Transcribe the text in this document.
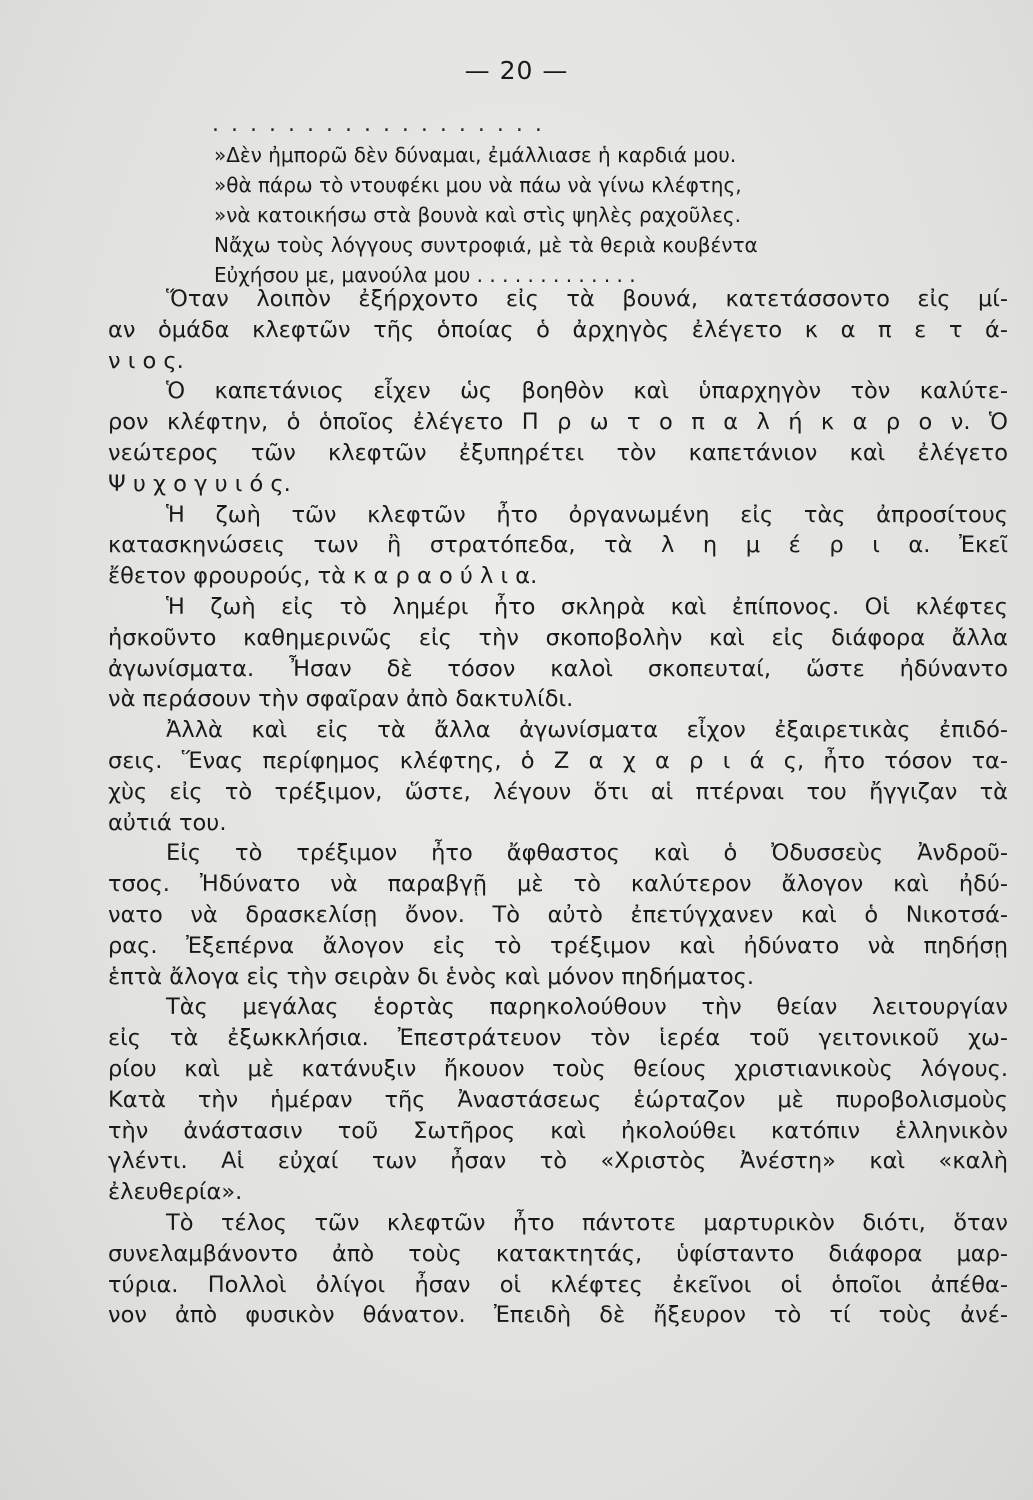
— 20 —
..................
»Δὲν ἠμπορῶ δὲν δύναμαι, ἐμάλλιασε ἡ καρδιά μου.
»θὰ πάρω τὸ ντουφέκι μου νὰ πάω νὰ γίνω κλέφτης,
»νὰ κατοικήσω στὰ βουνὰ καὶ στὶς ψηλὲς ραχοῦλες.
Νἄχω τοὺς λόγγους συντροφιά, μὲ τὰ θεριὰ κουβέντα
Εὐχήσου με, μανούλα μου . . . . . . . . . . . . .
Ὅταν λοιπὸν ἐξήρχοντο εἰς τὰ βουνά, κατετάσσοντο εἰς μί-
αν ὁμάδα κλεφτῶν τῆς ὁποίας ὁ ἀρχηγὸς ἐλέγετο κ α π ε τ ά-
ν ι ο ς.
Ὁ καπετάνιος εἶχεν ὡς βοηθὸν καὶ ὑπαρχηγὸν τὸν καλύτε-
ρον κλέφτην, ὁ ὁποῖος ἐλέγετο Π ρ ω τ ο π α λ ή κ α ρ ο ν. Ὁ
νεώτερος τῶν κλεφτῶν ἐξυπηρέτει τὸν καπετάνιον καὶ ἐλέγετο
Ψ υ χ ο γ υ ι ό ς.
Ἡ ζωὴ τῶν κλεφτῶν ἦτο ὀργανωμένη εἰς τὰς ἀπροσίτους
κατασκηνώσεις των ἢ στρατόπεδα, τὰ λ η μ έ ρ ι α. Ἐκεῖ
ἔθετον φρουρούς, τὰ κ α ρ α ο ύ λ ι α.
Ἡ ζωὴ εἰς τὸ λημέρι ἦτο σκληρὰ καὶ ἐπίπονος. Οἱ κλέφτες
ἠσκοῦντο καθημερινῶς εἰς τὴν σκοποβολὴν καὶ εἰς διάφορα ἄλλα
ἀγωνίσματα. Ἦσαν δὲ τόσον καλοὶ σκοπευταί, ὥστε ἠδύναντο
νὰ περάσουν τὴν σφαῖραν ἀπὸ δακτυλίδι.
Ἀλλὰ καὶ εἰς τὰ ἄλλα ἀγωνίσματα εἶχον ἐξαιρετικὰς ἐπιδό-
σεις. Ἕνας περίφημος κλέφτης, ὁ Ζ α χ α ρ ι ά ς, ἦτο τόσον τα-
χὺς εἰς τὸ τρέξιμον, ὥστε, λέγουν ὅτι αἱ πτέρναι του ἤγγιζαν τὰ
αὐτιά του.
Εἰς τὸ τρέξιμον ἦτο ἄφθαστος καὶ ὁ Ὀδυσσεὺς Ἀνδροῦ-
τσος. Ἠδύνατο νὰ παραβγῇ μὲ τὸ καλύτερον ἄλογον καὶ ἠδύ-
νατο νὰ δρασκελίσῃ ὄνον. Τὸ αὐτὸ ἐπετύγχανεν καὶ ὁ Νικοτσά-
ρας. Ἐξεπέρνα ἄλογον εἰς τὸ τρέξιμον καὶ ἠδύνατο νὰ πηδήσῃ
ἑπτὰ ἄλογα εἰς τὴν σειρὰν δι ἑνὸς καὶ μόνον πηδήματος.
Τὰς μεγάλας ἑορτὰς παρηκολούθουν τὴν θείαν λειτουργίαν
εἰς τὰ ἐξωκκλήσια. Ἐπεστράτευον τὸν ἱερέα τοῦ γειτονικοῦ χω-
ρίου καὶ μὲ κατάνυξιν ἤκουον τοὺς θείους χριστιανικοὺς λόγους.
Κατὰ τὴν ἡμέραν τῆς Ἀναστάσεως ἑώρταζον μὲ πυροβολισμοὺς
τὴν ἀνάστασιν τοῦ Σωτῆρος καὶ ἠκολούθει κατόπιν ἑλληνικὸν
γλέντι. Αἱ εὐχαί των ἦσαν τὸ «Χριστὸς Ἀνέστη» καὶ «καλὴ
ἐλευθερία».
Τὸ τέλος τῶν κλεφτῶν ἦτο πάντοτε μαρτυρικὸν διότι, ὅταν
συνελαμβάνοντο ἀπὸ τοὺς κατακτητάς, ὑφίσταντο διάφορα μαρ-
τύρια. Πολλοὶ ὀλίγοι ἦσαν οἱ κλέφτες ἐκεῖνοι οἱ ὁποῖοι ἀπέθα-
νον ἀπὸ φυσικὸν θάνατον. Ἐπειδὴ δὲ ἤξευρον τὸ τί τοὺς ἀνέ-
